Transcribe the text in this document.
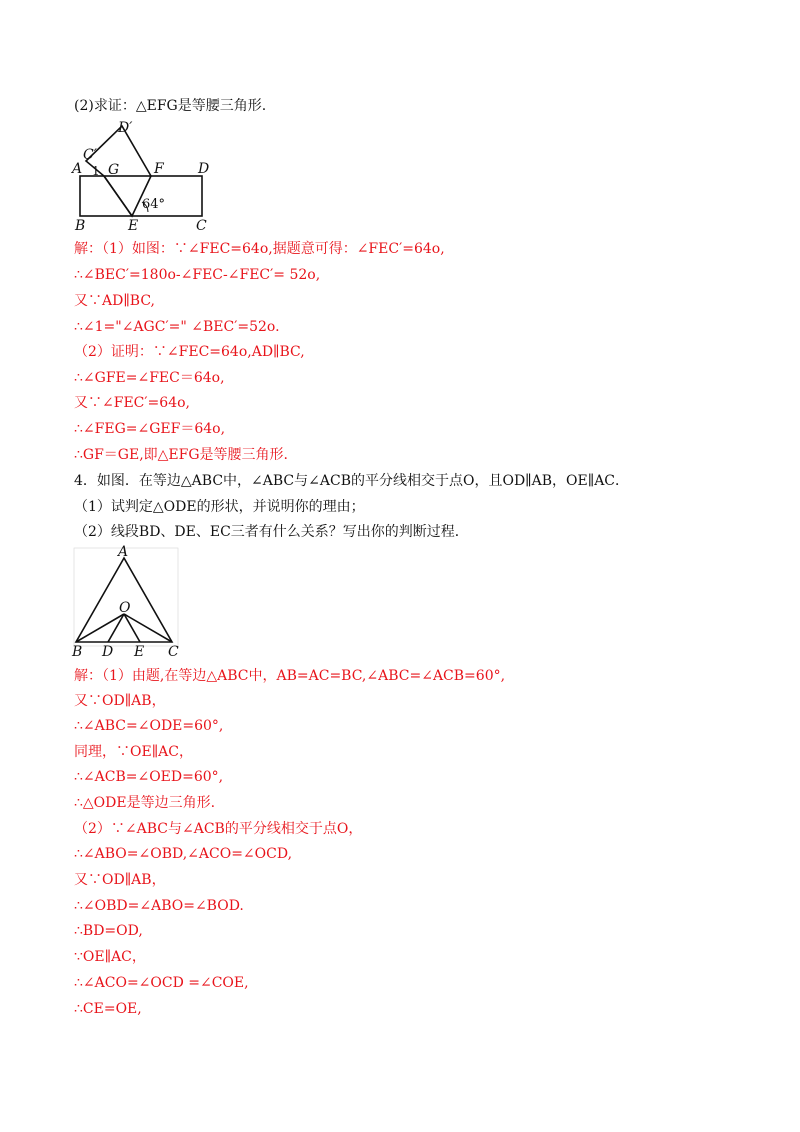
(2)求证：△EFG是等腰三角形.
D′
C′
A 1 G F D
B	E	C
64°
解：（1）如图：∵∠FEC=64o,据题意可得：∠FEC′=64o,
∴∠BEC′=180o-∠FEC-∠FEC′= 52o,
又∵AD∥BC,
∴∠1="∠AGC′=" ∠BEC′=52o.
（2）证明：∵∠FEC=64o,AD∥BC,
∴∠GFE=∠FEC＝64o,
又∵∠FEC′=64o,
∴∠FEG=∠GEF＝64o,
∴GF＝GE,即△EFG是等腰三角形.
4．如图．在等边△ABC中，∠ABC与∠ACB的平分线相交于点O，且OD∥AB，OE∥AC．
（1）试判定△ODE的形状，并说明你的理由；
（2）线段BD、DE、EC三者有什么关系？写出你的判断过程．
A
O
B D E C
解：（1）由题,在等边△ABC中，AB=AC=BC,∠ABC=∠ACB=60°,
又∵OD∥AB，
∴∠ABC=∠ODE=60°,
同理，∵OE∥AC，
∴∠ACB=∠OED=60°,
∴△ODE是等边三角形.
（2）∵∠ABC与∠ACB的平分线相交于点O，
∴∠ABO=∠OBD,∠ACO=∠OCD,
又∵OD∥AB，
∴∠OBD=∠ABO=∠BOD.
∴BD=OD,
∵OE∥AC，
∴∠ACO=∠OCD =∠COE,
∴CE=OE,
